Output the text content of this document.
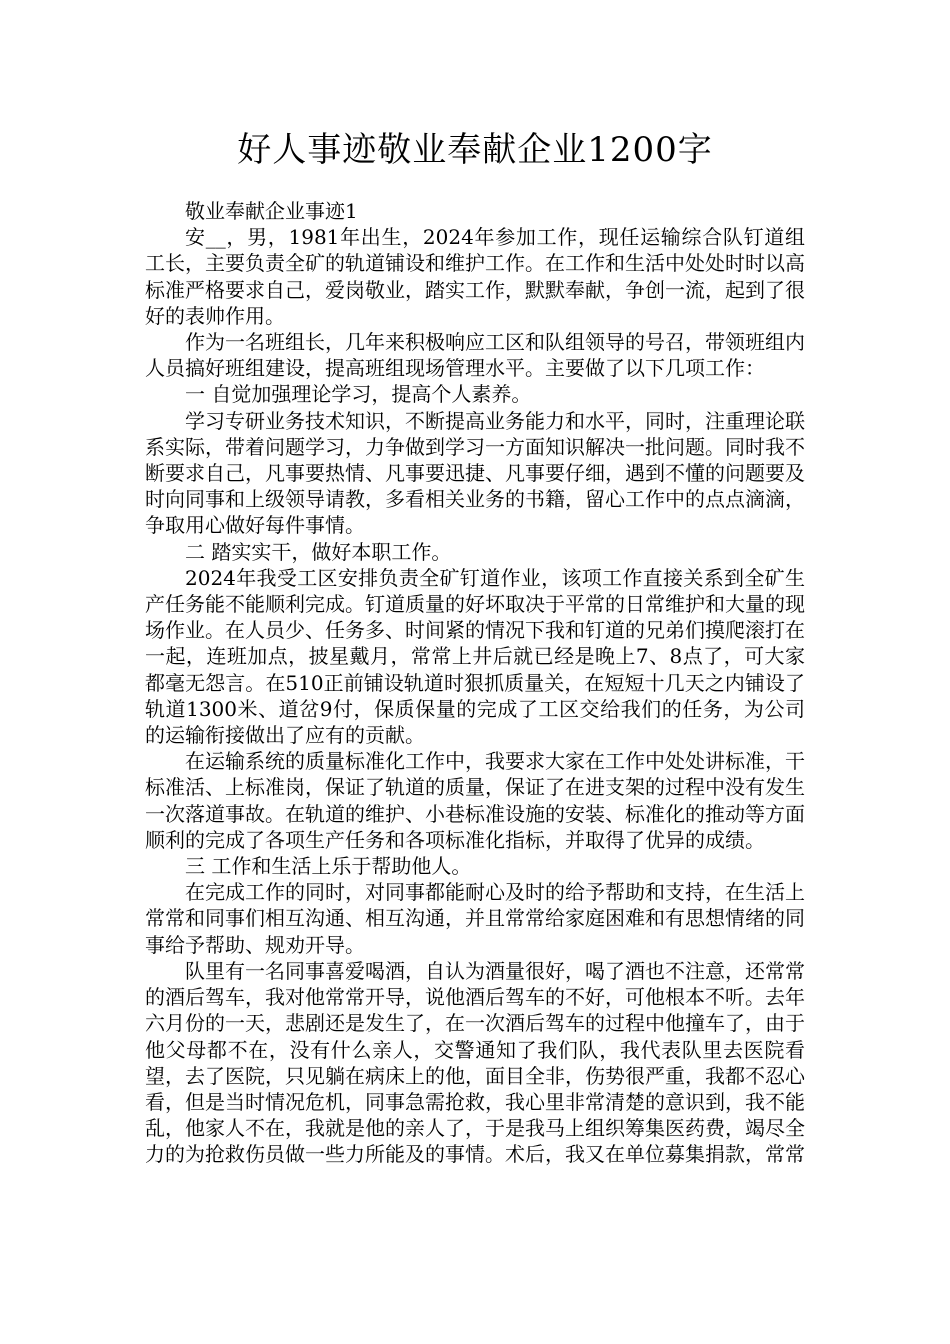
好人事迹敬业奉献企业1200字

敬业奉献企业事迹1

安__，男，1981年出生，2024年参加工作，现任运输综合队钉道组工长，主要负责全矿的轨道铺设和维护工作。在工作和生活中处处时时以高标准严格要求自己，爱岗敬业，踏实工作，默默奉献，争创一流，起到了很好的表帅作用。

作为一名班组长，几年来积极响应工区和队组领导的号召，带领班组内人员搞好班组建设，提高班组现场管理水平。主要做了以下几项工作：

一 自觉加强理论学习，提高个人素养。

学习专研业务技术知识，不断提高业务能力和水平，同时，注重理论联系实际，带着问题学习，力争做到学习一方面知识解决一批问题。同时我不断要求自己，凡事要热情、凡事要迅捷、凡事要仔细，遇到不懂的问题要及时向同事和上级领导请教，多看相关业务的书籍，留心工作中的点点滴滴，争取用心做好每件事情。

二 踏实实干，做好本职工作。

2024年我受工区安排负责全矿钉道作业，该项工作直接关系到全矿生产任务能不能顺利完成。钉道质量的好坏取决于平常的日常维护和大量的现场作业。在人员少、任务多、时间紧的情况下我和钉道的兄弟们摸爬滚打在一起，连班加点，披星戴月，常常上井后就已经是晚上7、8点了，可大家都毫无怨言。在510正前铺设轨道时狠抓质量关，在短短十几天之内铺设了轨道1300米、道岔9付，保质保量的完成了工区交给我们的任务，为公司的运输衔接做出了应有的贡献。

在运输系统的质量标准化工作中，我要求大家在工作中处处讲标准，干标准活、上标准岗，保证了轨道的质量，保证了在进支架的过程中没有发生一次落道事故。在轨道的维护、小巷标准设施的安装、标准化的推动等方面顺利的完成了各项生产任务和各项标准化指标，并取得了优异的成绩。

三 工作和生活上乐于帮助他人。

在完成工作的同时，对同事都能耐心及时的给予帮助和支持，在生活上常常和同事们相互沟通、相互沟通，并且常常给家庭困难和有思想情绪的同事给予帮助、规劝开导。

队里有一名同事喜爱喝酒，自认为酒量很好，喝了酒也不注意，还常常的酒后驾车，我对他常常开导，说他酒后驾车的不好，可他根本不听。去年六月份的一天，悲剧还是发生了，在一次酒后驾车的过程中他撞车了，由于他父母都不在，没有什么亲人，交警通知了我们队，我代表队里去医院看望，去了医院，只见躺在病床上的他，面目全非，伤势很严重，我都不忍心看，但是当时情况危机，同事急需抢救，我心里非常清楚的意识到，我不能乱，他家人不在，我就是他的亲人了，于是我马上组织筹集医药费，竭尽全力的为抢救伤员做一些力所能及的事情。术后，我又在单位募集捐款，常常
